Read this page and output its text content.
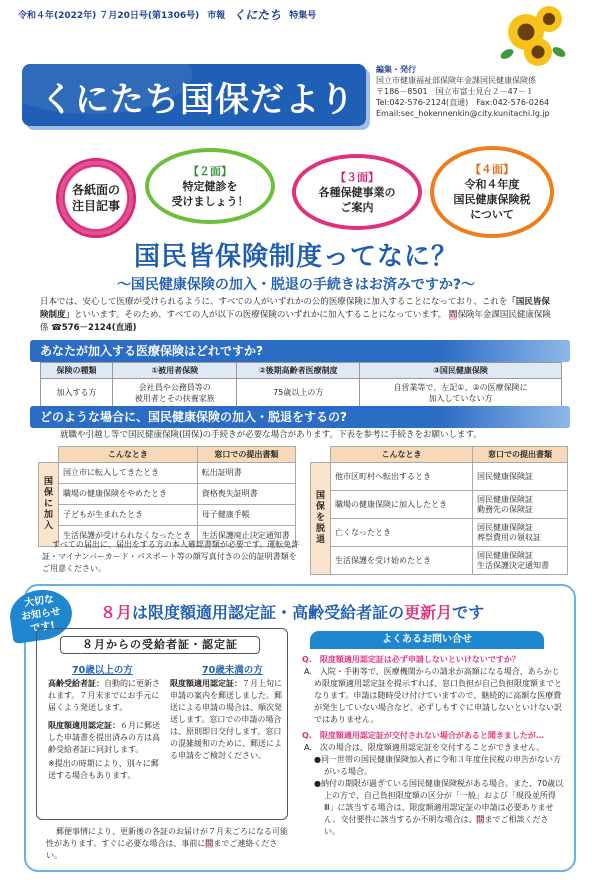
令和４年(2022年) ７月20日号(第1306号) 市報 くにたち 特集号
くにたち国保だより
編集・発行
国立市健康福祉部保険年金課国民健康保険係
〒186－8501　国立市富士見台２－47－１
Tel:042-576-2124(直通)　Fax:042-576-0264
Email:sec_hokennenkin@city.kunitachi.lg.jp
各紙面の
注目記事
【２面】
特定健診を
受けましょう！
【３面】
各種保健事業の
ご案内
【４面】
令和４年度
国民健康保険税
について
国民皆保険制度ってなに？
～国民健康保険の加入・脱退の手続きはお済みですか?～
日本では、安心して医療が受けられるように、すべての人がいずれかの公的医療保険に加入することになっており、これを「国民皆保険制度」といいます。そのため、すべての人が以下の医療保険のいずれかに加入することになっています。 問保険年金課国民健康保険係 ☎576－2124(直通)
あなたが加入する医療保険はどれですか?
保険の種類	①被用者保険	②後期高齢者医療制度	③国民健康保険
加入する方	会社員や公務員等の
被用者とその扶養家族	75歳以上の方	自営業等で、左記①、②の医療保険に
加入していない方
どのような場合に、国民健康保険の加入・脱退をするの?
就職や引越し等で国民健康保険(国保)の手続きが必要な場合があります。下表を参考に手続きをお願いします。
	こんなとき	窓口での提出書類
国保に加入	国立市に転入してきたとき	転出証明書
	職場の健康保険をやめたとき	資格喪失証明書
	子どもが生まれたとき	母子健康手帳
	生活保護が受けられなくなったとき	生活保護廃止決定通知書
	こんなとき	窓口での提出書類
国保を脱退	他市区町村へ転出するとき	国民健康保険証
	職場の健康保険に加入したとき	国民健康保険証
勤務先の保険証
	亡くなったとき	国民健康保険証
葬祭費用の領収証
	生活保護を受け始めたとき	国民健康保険証
生活保護決定通知書
すべての届出に、届出をする方の本人確認書類が必要です。運転免許証・マイナンバーカード・パスポート等の顔写真付きの公的証明書類をご用意ください。
大切な
お知らせ
です!
８月は限度額適用認定証・高齢受給者証の更新月です
８月からの受給者証・認定証
70歳以上の方
高齢受給者証：自動的に更新されます。７月末までにお手元に届くよう発送します。
限度額適用認定証：６月に郵送した申請書を提出済みの方は高齢受給者証に同封します。
※提出の時期により、別々に郵送する場合もあります。
70歳未満の方
限度額適用認定証：７月上旬に申請の案内を郵送しました。郵送による申請の場合は、順次発送します。窓口での申請の場合は、原則即日交付します。窓口の混雑緩和のために、郵送による申請をご検討ください。
郵便事情により、更新後の各証のお届けが７月末ごろになる可能性があります。すぐに必要な場合は、事前に問までご連絡ください。
よくあるお問い合せ
Q.　限度額適用認定証は必ず申請しないといけないですか？
A.　入院・手術等で、医療機関からの請求が高額になる場合、あらかじめ限度額適用認定証を提示すれば、窓口負担が自己負担限度額までとなります。申請は随時受け付けていますので、継続的に高額な医療費が発生していない場合など、必ずしもすぐに申請しないといけない訳ではありません。
Q.　限度額適用認定証が交付されない場合があると聞きましたが…
A.　次の場合は、限度額適用認定証を交付することができません。
●同一世帯の国民健康保険加入者に令和３年度住民税の申告がない方がいる場合。
●納付の期限が過ぎている国民健康保険税がある場合。また、70歳以上の方で、自己負担限度額の区分が「一般」および「現役並所得Ⅲ」に該当する場合は、限度額適用認定証の申請は必要ありません。交付要件に該当するか不明な場合は、問までご相談ください。
